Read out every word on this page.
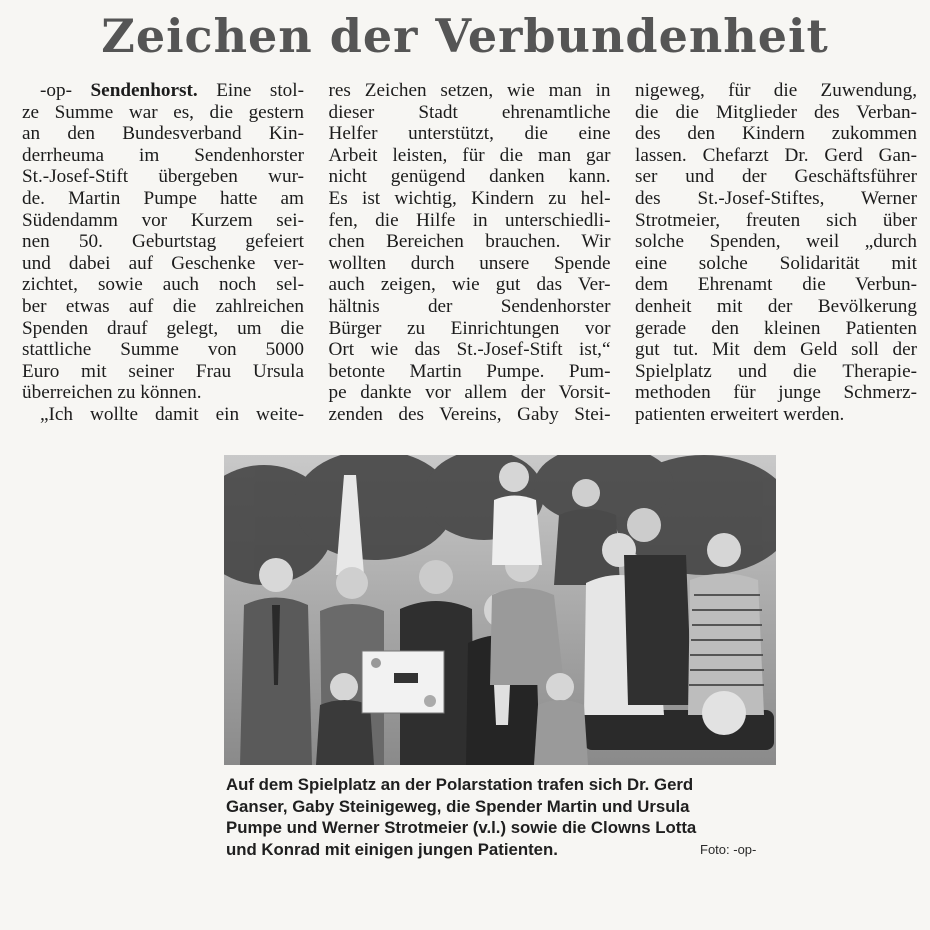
Zeichen der Verbundenheit
-op- Sendenhorst. Eine stol-
ze Summe war es, die gestern
an den Bundesverband Kin-
derrheuma im Sendenhorster
St.-Josef-Stift übergeben wur-
de. Martin Pumpe hatte am
Südendamm vor Kurzem sei-
nen 50. Geburtstag gefeiert
und dabei auf Geschenke ver-
zichtet, sowie auch noch sel-
ber etwas auf die zahlreichen
Spenden drauf gelegt, um die
stattliche Summe von 5000
Euro mit seiner Frau Ursula
überreichen zu können.
„Ich wollte damit ein weite-
res Zeichen setzen, wie man in
dieser Stadt ehrenamtliche
Helfer unterstützt, die eine
Arbeit leisten, für die man gar
nicht genügend danken kann.
Es ist wichtig, Kindern zu hel-
fen, die Hilfe in unterschiedli-
chen Bereichen brauchen. Wir
wollten durch unsere Spende
auch zeigen, wie gut das Ver-
hältnis der Sendenhorster
Bürger zu Einrichtungen vor
Ort wie das St.-Josef-Stift ist,“
betonte Martin Pumpe. Pum-
pe dankte vor allem der Vorsit-
zenden des Vereins, Gaby Stei-
nigeweg, für die Zuwendung,
die die Mitglieder des Verban-
des den Kindern zukommen
lassen. Chefarzt Dr. Gerd Gan-
ser und der Geschäftsführer
des St.-Josef-Stiftes, Werner
Strotmeier, freuten sich über
solche Spenden, weil „durch
eine solche Solidarität mit
dem Ehrenamt die Verbun-
denheit mit der Bevölkerung
gerade den kleinen Patienten
gut tut. Mit dem Geld soll der
Spielplatz und die Therapie-
methoden für junge Schmerz-
patienten erweitert werden.
Auf dem Spielplatz an der Polarstation trafen sich Dr. Gerd
Ganser, Gaby Steinigeweg, die Spender Martin und Ursula
Pumpe und Werner Strotmeier (v.l.) sowie die Clowns Lotta
und Konrad mit einigen jungen Patienten.	Foto: -op-
